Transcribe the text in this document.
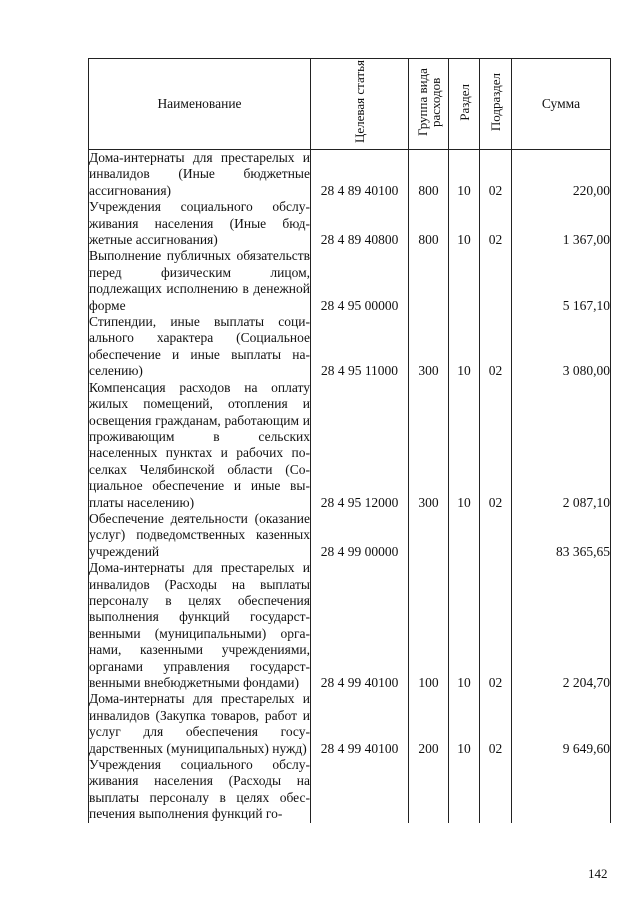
Наименование	Целевая статья	Группа вида расходов	Раздел	Подраздел	Сумма
Дома-интернаты для престарелых и инвалидов (Иные бюджетные ассигнования)	28 4 89 40100	800	10	02	220,00
Учреждения социального обслуживания населения (Иные бюджетные ассигнования)	28 4 89 40800	800	10	02	1 367,00
Выполнение публичных обязательств перед физическим лицом, подлежащих исполнению в денежной форме	28 4 95 00000				5 167,10
Стипендии, иные выплаты социального характера (Социальное обеспечение и иные выплаты населению)	28 4 95 11000	300	10	02	3 080,00
Компенсация расходов на оплату жилых помещений, отопления и освещения гражданам, работающим и проживающим в сельских населенных пунктах и рабочих поселках Челябинской области (Социальное обеспечение и иные выплаты населению)	28 4 95 12000	300	10	02	2 087,10
Обеспечение деятельности (оказание услуг) подведомственных казенных учреждений	28 4 99 00000				83 365,65
Дома-интернаты для престарелых и инвалидов (Расходы на выплаты персоналу в целях обеспечения выполнения функций государственными (муниципальными) органами, казенными учреждениями, органами управления государственными внебюджетными фондами)	28 4 99 40100	100	10	02	2 204,70
Дома-интернаты для престарелых и инвалидов (Закупка товаров, работ и услуг для обеспечения государственных (муниципальных) нужд)	28 4 99 40100	200	10	02	9 649,60
Учреждения социального обслуживания населения (Расходы на выплаты персоналу в целях обеспечения выполнения функций го-					
142
